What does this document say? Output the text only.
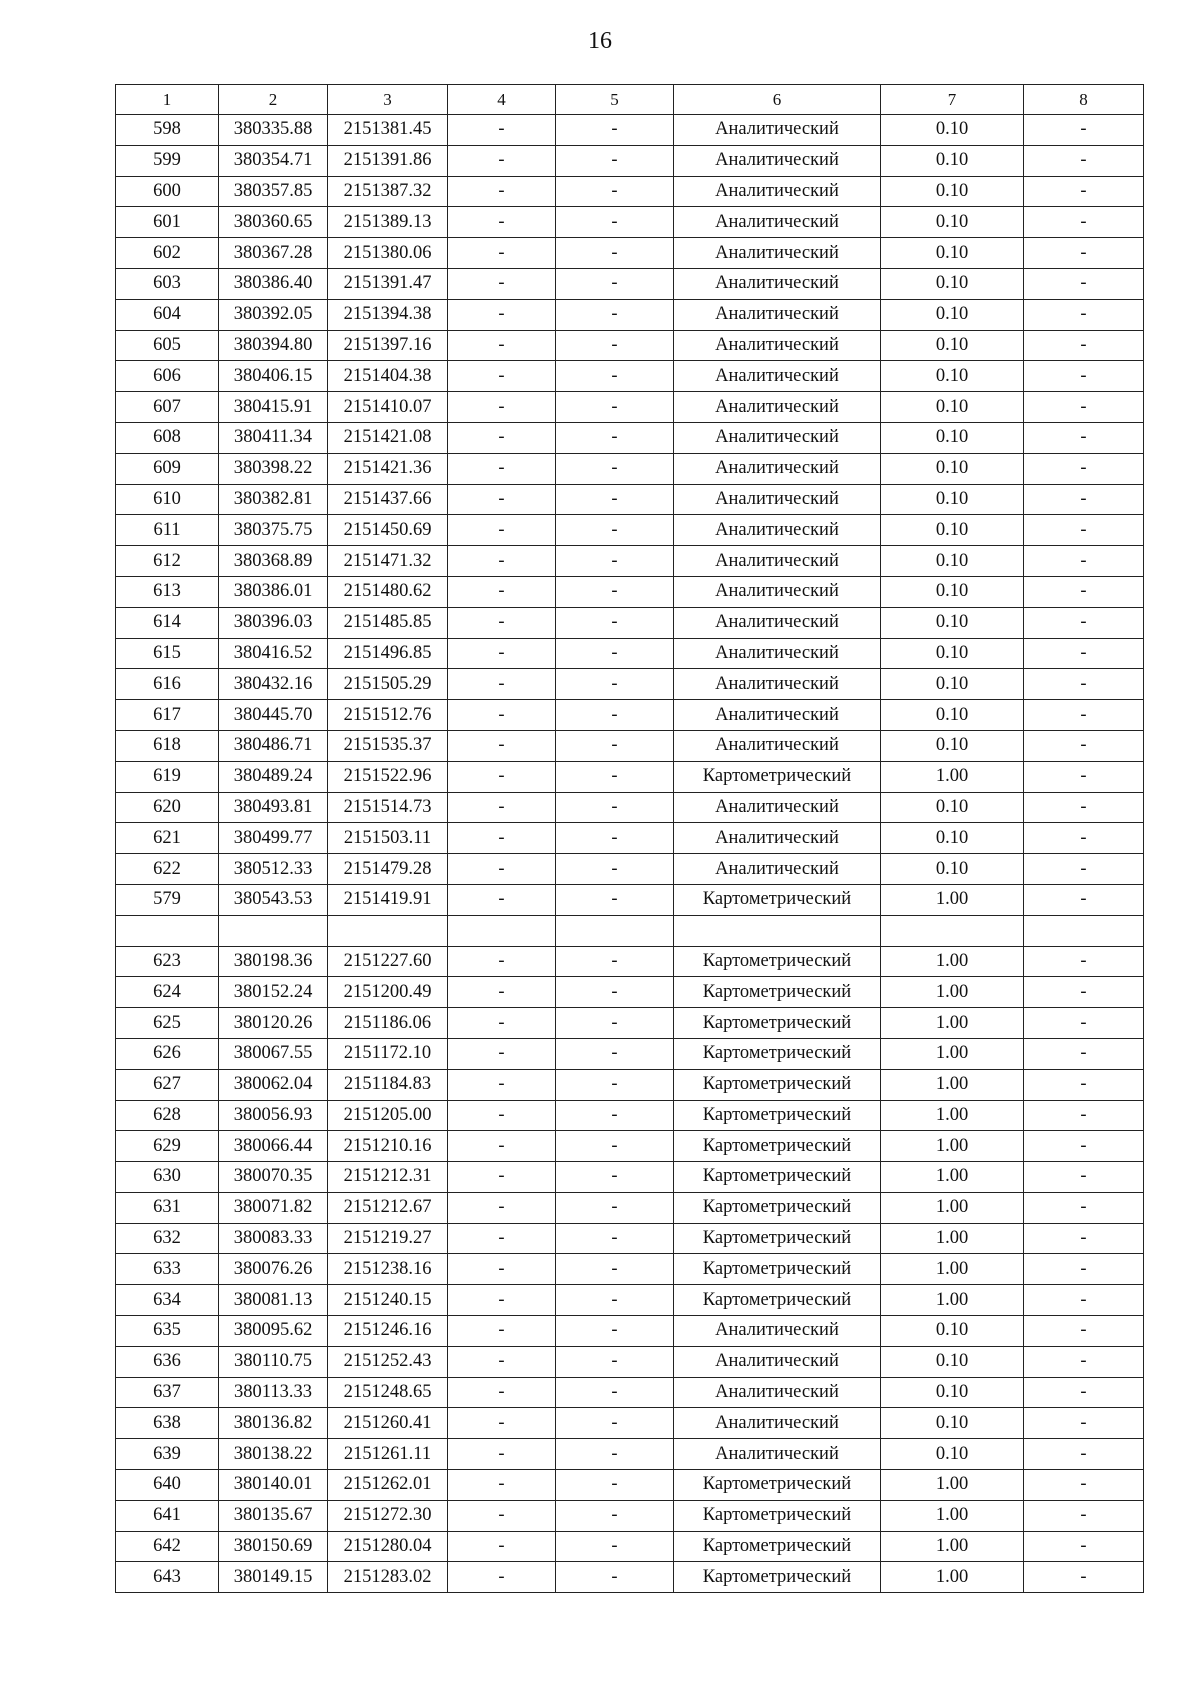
16
1	2	3	4	5	6	7	8
598	380335.88	2151381.45	-	-	Аналитический	0.10	-
599	380354.71	2151391.86	-	-	Аналитический	0.10	-
600	380357.85	2151387.32	-	-	Аналитический	0.10	-
601	380360.65	2151389.13	-	-	Аналитический	0.10	-
602	380367.28	2151380.06	-	-	Аналитический	0.10	-
603	380386.40	2151391.47	-	-	Аналитический	0.10	-
604	380392.05	2151394.38	-	-	Аналитический	0.10	-
605	380394.80	2151397.16	-	-	Аналитический	0.10	-
606	380406.15	2151404.38	-	-	Аналитический	0.10	-
607	380415.91	2151410.07	-	-	Аналитический	0.10	-
608	380411.34	2151421.08	-	-	Аналитический	0.10	-
609	380398.22	2151421.36	-	-	Аналитический	0.10	-
610	380382.81	2151437.66	-	-	Аналитический	0.10	-
611	380375.75	2151450.69	-	-	Аналитический	0.10	-
612	380368.89	2151471.32	-	-	Аналитический	0.10	-
613	380386.01	2151480.62	-	-	Аналитический	0.10	-
614	380396.03	2151485.85	-	-	Аналитический	0.10	-
615	380416.52	2151496.85	-	-	Аналитический	0.10	-
616	380432.16	2151505.29	-	-	Аналитический	0.10	-
617	380445.70	2151512.76	-	-	Аналитический	0.10	-
618	380486.71	2151535.37	-	-	Аналитический	0.10	-
619	380489.24	2151522.96	-	-	Картометрический	1.00	-
620	380493.81	2151514.73	-	-	Аналитический	0.10	-
621	380499.77	2151503.11	-	-	Аналитический	0.10	-
622	380512.33	2151479.28	-	-	Аналитический	0.10	-
579	380543.53	2151419.91	-	-	Картометрический	1.00	-

623	380198.36	2151227.60	-	-	Картометрический	1.00	-
624	380152.24	2151200.49	-	-	Картометрический	1.00	-
625	380120.26	2151186.06	-	-	Картометрический	1.00	-
626	380067.55	2151172.10	-	-	Картометрический	1.00	-
627	380062.04	2151184.83	-	-	Картометрический	1.00	-
628	380056.93	2151205.00	-	-	Картометрический	1.00	-
629	380066.44	2151210.16	-	-	Картометрический	1.00	-
630	380070.35	2151212.31	-	-	Картометрический	1.00	-
631	380071.82	2151212.67	-	-	Картометрический	1.00	-
632	380083.33	2151219.27	-	-	Картометрический	1.00	-
633	380076.26	2151238.16	-	-	Картометрический	1.00	-
634	380081.13	2151240.15	-	-	Картометрический	1.00	-
635	380095.62	2151246.16	-	-	Аналитический	0.10	-
636	380110.75	2151252.43	-	-	Аналитический	0.10	-
637	380113.33	2151248.65	-	-	Аналитический	0.10	-
638	380136.82	2151260.41	-	-	Аналитический	0.10	-
639	380138.22	2151261.11	-	-	Аналитический	0.10	-
640	380140.01	2151262.01	-	-	Картометрический	1.00	-
641	380135.67	2151272.30	-	-	Картометрический	1.00	-
642	380150.69	2151280.04	-	-	Картометрический	1.00	-
643	380149.15	2151283.02	-	-	Картометрический	1.00	-
